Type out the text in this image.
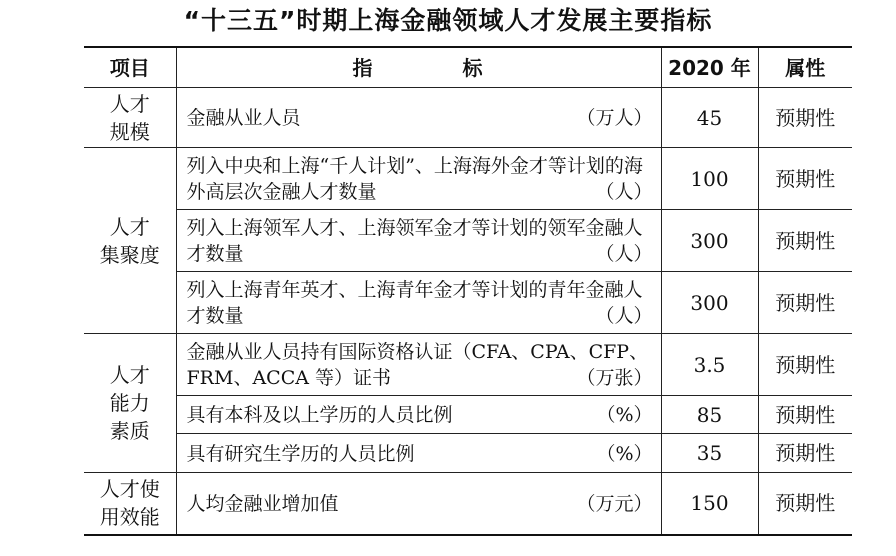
“十三五”时期上海金融领域人才发展主要指标
项目	指　　　　标	2020 年	属性
人才
规模	金融从业人员 （万人）	45	预期性
人才
集聚度	列入中央和上海“千人计划”、上海海外金才等计划的海外高层次金融人才数量 （人）	100	预期性
	列入上海领军人才、上海领军金才等计划的领军金融人才数量 （人）	300	预期性
	列入上海青年英才、上海青年金才等计划的青年金融人才数量 （人）	300	预期性
人才
能力
素质	金融从业人员持有国际资格认证（CFA、CPA、CFP、FRM、ACCA 等）证书 （万张）	3.5	预期性
	具有本科及以上学历的人员比例 （%）	85	预期性
	具有研究生学历的人员比例 （%）	35	预期性
人才使
用效能	人均金融业增加值 （万元）	150	预期性
